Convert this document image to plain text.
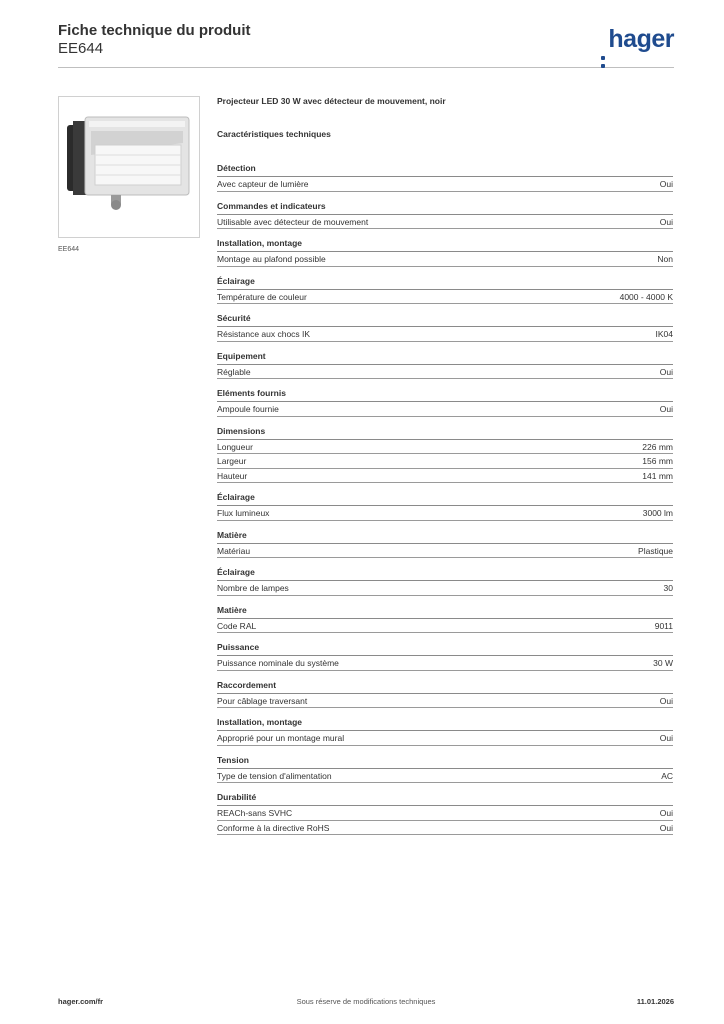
Fiche technique du produit
EE644	hager
EE644
Projecteur LED 30 W avec détecteur de mouvement, noir
Caractéristiques techniques
Détection
Avec capteur de lumière	Oui
Commandes et indicateurs
Utilisable avec détecteur de mouvement	Oui
Installation, montage
Montage au plafond possible	Non
Éclairage
Température de couleur	4000 - 4000 K
Sécurité
Résistance aux chocs IK	IK04
Equipement
Réglable	Oui
Eléments fournis
Ampoule fournie	Oui
Dimensions
Longueur	226 mm
Largeur	156 mm
Hauteur	141 mm
Éclairage
Flux lumineux	3000 lm
Matière
Matériau	Plastique
Éclairage
Nombre de lampes	30
Matière
Code RAL	9011
Puissance
Puissance nominale du système	30 W
Raccordement
Pour câblage traversant	Oui
Installation, montage
Approprié pour un montage mural	Oui
Tension
Type de tension d'alimentation	AC
Durabilité
REACh-sans SVHC	Oui
Conforme à la directive RoHS	Oui
hager.com/fr	Sous réserve de modifications techniques	11.01.2026
